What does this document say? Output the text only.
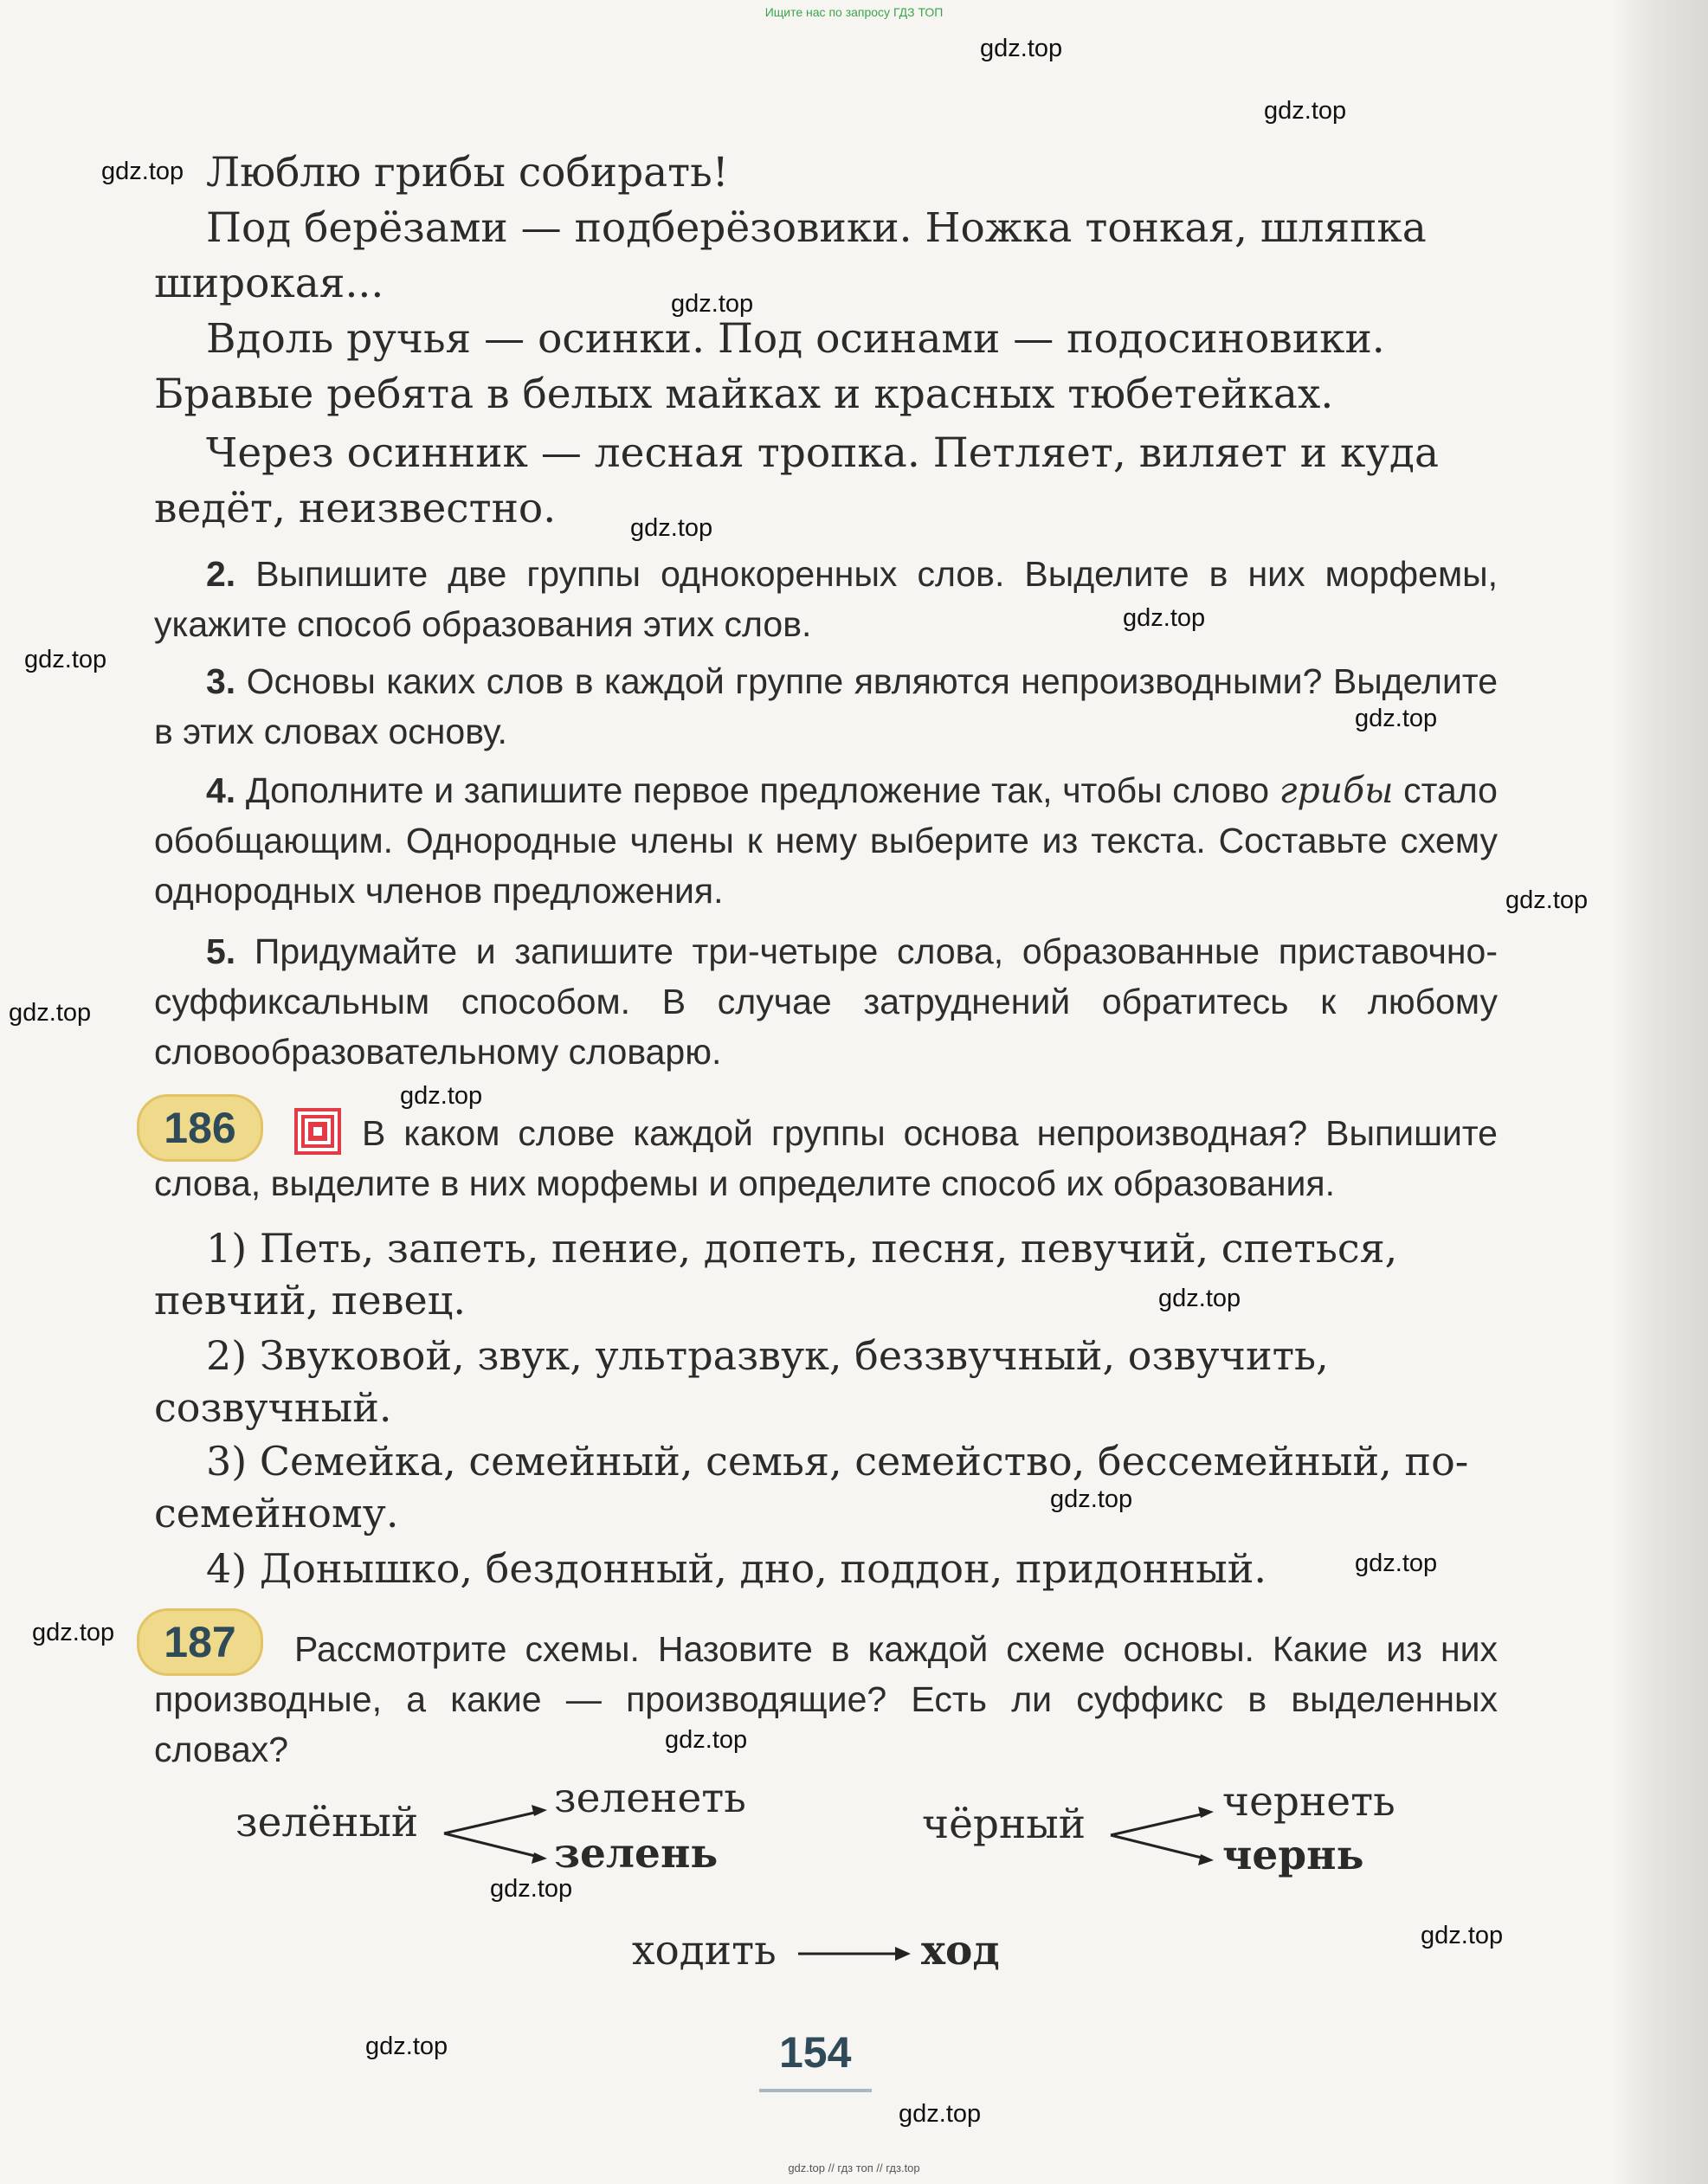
Ищите нас по запросу ГДЗ ТОП
gdz.top
gdz.top
gdz.top
gdz.top
gdz.top
gdz.top
gdz.top
gdz.top
gdz.top
gdz.top
gdz.top
gdz.top
gdz.top
gdz.top
gdz.top
gdz.top
gdz.top
gdz.top
gdz.top
gdz.top
Люблю грибы собирать!
Под берёзами — подберёзовики. Ножка тонкая, шляпка широкая...
Вдоль ручья — осинки. Под осинами — подосиновики. Бравые ребята в белых майках и красных тюбетейках.
Через осинник — лесная тропка. Петляет, виляет и куда ведёт, неизвестно.
2. Выпишите две группы однокоренных слов. Выделите в них морфемы, укажите способ образования этих слов.
3. Основы каких слов в каждой группе являются непроизводными? Выделите в этих словах основу.
4. Дополните и запишите первое предложение так, чтобы слово грибы стало обобщающим. Однородные члены к нему выберите из текста. Составьте схему однородных членов предложения.
5. Придумайте и запишите три-четыре слова, образованные приставочно-суффиксальным способом. В случае затруднений обратитесь к любому словообразовательному словарю.
186	В каком слове каждой группы основа непроизводная? Выпишите слова, выделите в них морфемы и определите способ их образования.
1) Петь, запеть, пение, допеть, песня, певучий, спеться, певчий, певец.
2) Звуковой, звук, ультразвук, беззвучный, озвучить, созвучный.
3) Семейка, семейный, семья, семейство, бессемейный, по-семейному.
4) Донышко, бездонный, дно, поддон, придонный.
187	Рассмотрите схемы. Назовите в каждой схеме основы. Какие из них производные, а какие — производящие? Есть ли суффикс в выделенных словах?
зелёный
зеленеть
зелень
чёрный	чернеть
чернь
ходить	ход
154
gdz.top // гдз топ // гдз.top
